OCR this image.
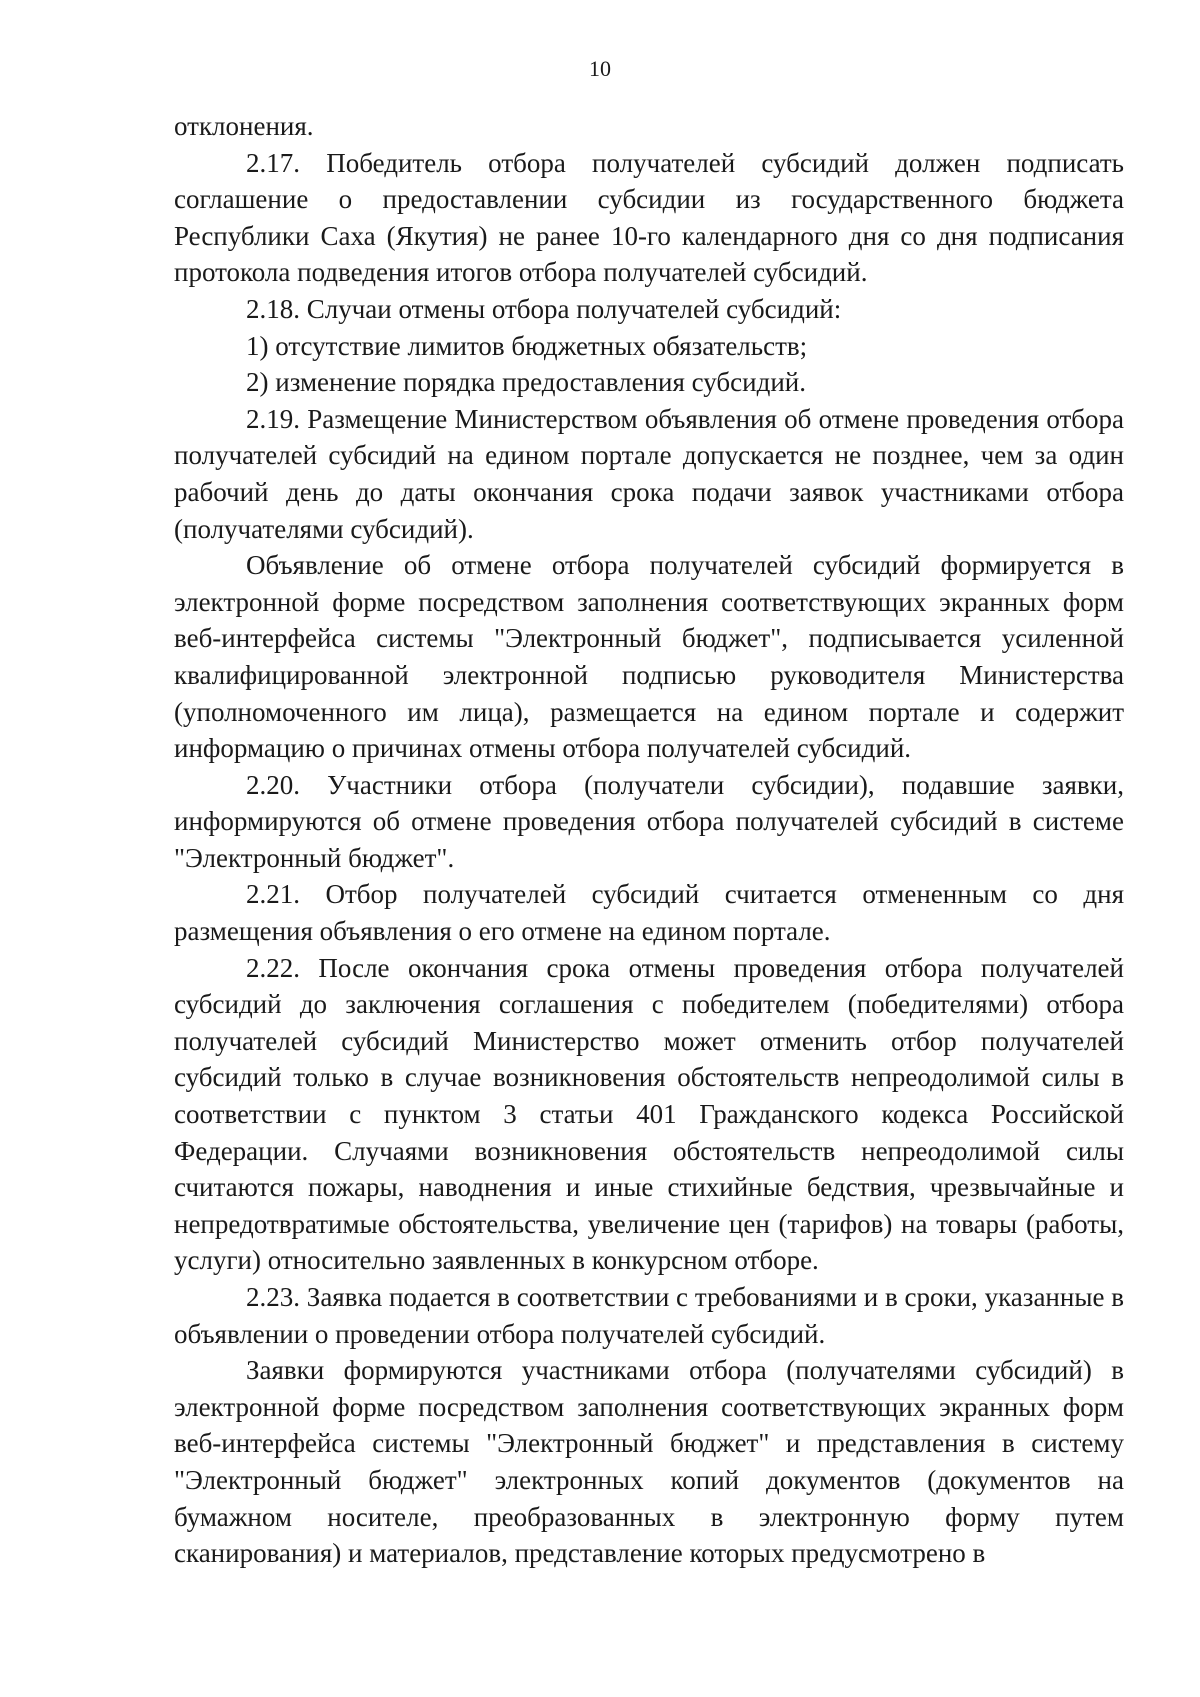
10

отклонения.

2.17. Победитель отбора получателей субсидий должен подписать соглашение о предоставлении субсидии из государственного бюджета Республики Саха (Якутия) не ранее 10-го календарного дня со дня подписания протокола подведения итогов отбора получателей субсидий.

2.18. Случаи отмены отбора получателей субсидий:

1) отсутствие лимитов бюджетных обязательств;

2) изменение порядка предоставления субсидий.

2.19. Размещение Министерством объявления об отмене проведения отбора получателей субсидий на едином портале допускается не позднее, чем за один рабочий день до даты окончания срока подачи заявок участниками отбора (получателями субсидий).

Объявление об отмене отбора получателей субсидий формируется в электронной форме посредством заполнения соответствующих экранных форм веб-интерфейса системы "Электронный бюджет", подписывается усиленной квалифицированной электронной подписью руководителя Министерства (уполномоченного им лица), размещается на едином портале и содержит информацию о причинах отмены отбора получателей субсидий.

2.20. Участники отбора (получатели субсидии), подавшие заявки, информируются об отмене проведения отбора получателей субсидий в системе "Электронный бюджет".

2.21. Отбор получателей субсидий считается отмененным со дня размещения объявления о его отмене на едином портале.

2.22. После окончания срока отмены проведения отбора получателей субсидий до заключения соглашения с победителем (победителями) отбора получателей субсидий Министерство может отменить отбор получателей субсидий только в случае возникновения обстоятельств непреодолимой силы в соответствии с пунктом 3 статьи 401 Гражданского кодекса Российской Федерации. Случаями возникновения обстоятельств непреодолимой силы считаются пожары, наводнения и иные стихийные бедствия, чрезвычайные и непредотвратимые обстоятельства, увеличение цен (тарифов) на товары (работы, услуги) относительно заявленных в конкурсном отборе.

2.23. Заявка подается в соответствии с требованиями и в сроки, указанные в объявлении о проведении отбора получателей субсидий.

Заявки формируются участниками отбора (получателями субсидий) в электронной форме посредством заполнения соответствующих экранных форм веб-интерфейса системы "Электронный бюджет" и представления в систему "Электронный бюджет" электронных копий документов (документов на бумажном носителе, преобразованных в электронную форму путем сканирования) и материалов, представление которых предусмотрено в
